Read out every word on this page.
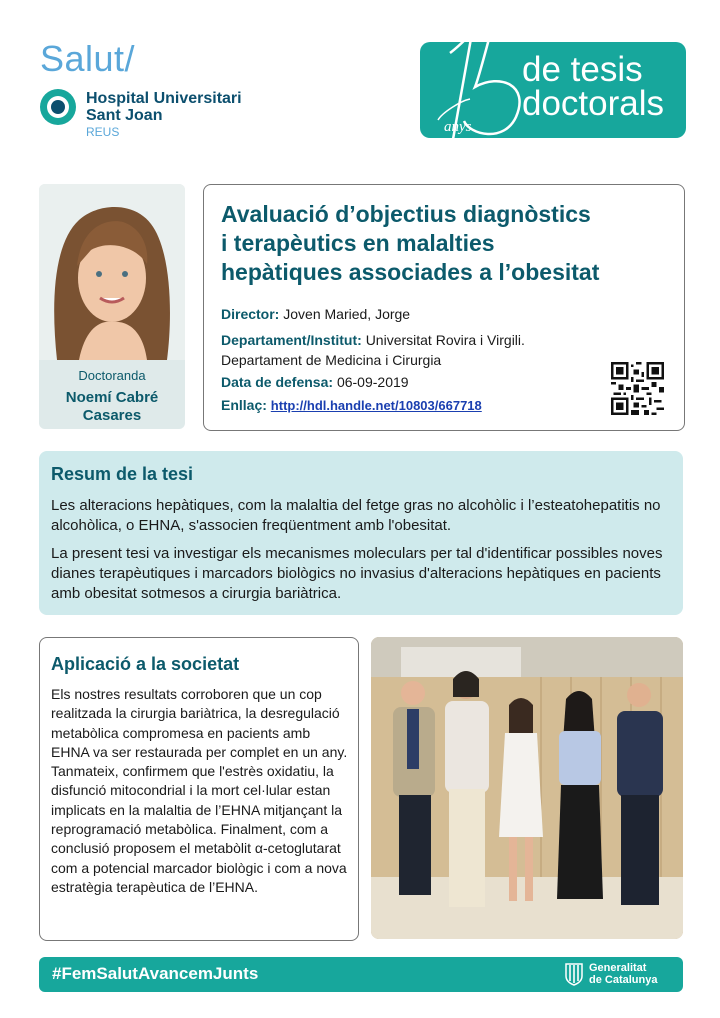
Salut/
Hospital Universitari
Sant Joan
REUS	anys
de tesis
doctorals
Doctoranda
Noemí Cabré
Casares
Avaluació d’objectius diagnòstics
i terapèutics en malalties
hepàtiques associades a l’obesitat
Director: Joven Maried, Jorge
Departament/Institut: Universitat Rovira i Virgili.
Departament de Medicina i Cirurgia
Data de defensa: 06-09-2019
Enllaç: http://hdl.handle.net/10803/667718
Resum de la tesi
Les alteracions hepàtiques, com la malaltia del fetge gras no alcohòlic i l’esteatohepatitis no alcohòlica, o EHNA, s'associen freqüentment amb l'obesitat.
La present tesi va investigar els mecanismes moleculars per tal d'identificar possibles noves dianes terapèutiques i marcadors biològics no invasius d'alteracions hepàtiques en pacients amb obesitat sotmesos a cirurgia bariàtrica.
Aplicació a la societat
Els nostres resultats corroboren que un cop realitzada la cirurgia bariàtrica, la desregulació metabòlica compromesa en pacients amb EHNA va ser restaurada per complet en un any. Tanmateix, confirmem que l'estrès oxidatiu, la disfunció mitocondrial i la mort cel·lular estan implicats en la malaltia de l’EHNA mitjançant la reprogramació metabòlica. Finalment, com a conclusió proposem el metabòlit α-cetoglutarat com a potencial marcador biològic i com a nova estratègia terapèutica de l’EHNA.
#FemSalutAvancemJunts	Generalitat
de Catalunya
